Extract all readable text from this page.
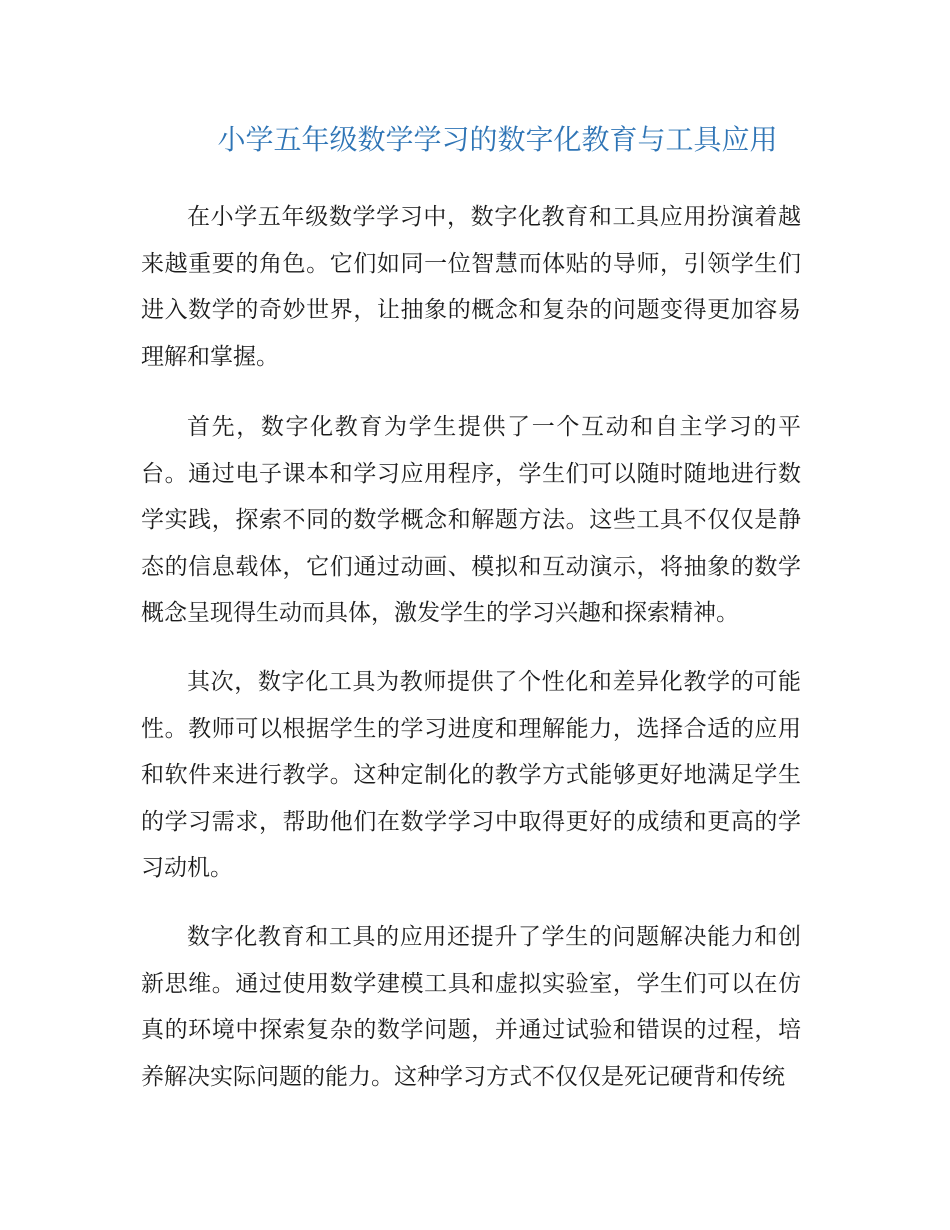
小学五年级数学学习的数字化教育与工具应用

在小学五年级数学学习中，数字化教育和工具应用扮演着越来越重要的角色。它们如同一位智慧而体贴的导师，引领学生们进入数学的奇妙世界，让抽象的概念和复杂的问题变得更加容易理解和掌握。

首先，数字化教育为学生提供了一个互动和自主学习的平台。通过电子课本和学习应用程序，学生们可以随时随地进行数学实践，探索不同的数学概念和解题方法。这些工具不仅仅是静态的信息载体，它们通过动画、模拟和互动演示，将抽象的数学概念呈现得生动而具体，激发学生的学习兴趣和探索精神。

其次，数字化工具为教师提供了个性化和差异化教学的可能性。教师可以根据学生的学习进度和理解能力，选择合适的应用和软件来进行教学。这种定制化的教学方式能够更好地满足学生的学习需求，帮助他们在数学学习中取得更好的成绩和更高的学习动机。

数字化教育和工具的应用还提升了学生的问题解决能力和创新思维。通过使用数学建模工具和虚拟实验室，学生们可以在仿真的环境中探索复杂的数学问题，并通过试验和错误的过程，培养解决实际问题的能力。这种学习方式不仅仅是死记硬背和传统
